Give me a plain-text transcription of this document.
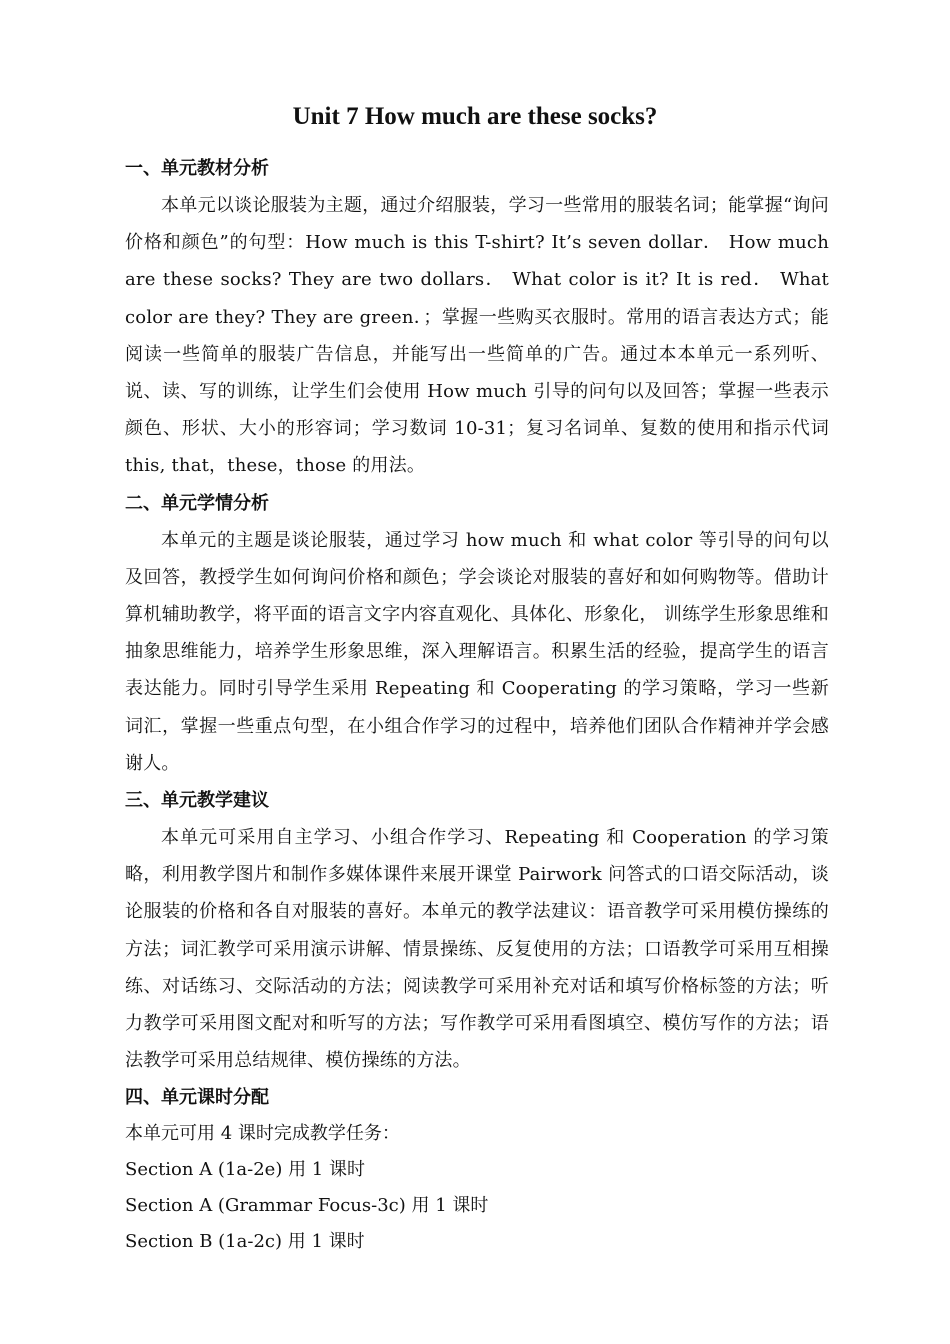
Unit 7 How much are these socks?
一、单元教材分析
本单元以谈论服装为主题，通过介绍服装，学习一些常用的服装名词；能掌握“询问价格和颜色”的句型：How much is this T-shirt? It’s seven dollar． How much are these socks? They are two dollars． What color is it? It is red． What color are they? They are green．；掌握一些购买衣服时。常用的语言表达方式；能阅读一些简单的服装广告信息，并能写出一些简单的广告。通过本本单元一系列听、说、读、写的训练，让学生们会使用 How much 引导的问句以及回答；掌握一些表示颜色、形状、大小的形容词；学习数词 10-31；复习名词单、复数的使用和指示代词 this, that，these，those 的用法。
二、单元学情分析
本单元的主题是谈论服装，通过学习 how much 和 what color 等引导的问句以及回答，教授学生如何询问价格和颜色；学会谈论对服装的喜好和如何购物等。借助计算机辅助教学，将平面的语言文字内容直观化、具体化、形象化， 训练学生形象思维和抽象思维能力，培养学生形象思维，深入理解语言。积累生活的经验，提高学生的语言表达能力。同时引导学生采用 Repeating 和 Cooperating 的学习策略，学习一些新词汇，掌握一些重点句型，在小组合作学习的过程中，培养他们团队合作精神并学会感谢人。
三、单元教学建议
本单元可采用自主学习、小组合作学习、Repeating 和 Cooperation 的学习策略，利用教学图片和制作多媒体课件来展开课堂 Pairwork 问答式的口语交际活动，谈论服装的价格和各自对服装的喜好。本单元的教学法建议：语音教学可采用模仿操练的方法；词汇教学可采用演示讲解、情景操练、反复使用的方法；口语教学可采用互相操练、对话练习、交际活动的方法；阅读教学可采用补充对话和填写价格标签的方法；听力教学可采用图文配对和听写的方法；写作教学可采用看图填空、模仿写作的方法；语法教学可采用总结规律、模仿操练的方法。
四、单元课时分配
本单元可用 4 课时完成教学任务：
Section A (1a-2e) 用 1 课时
Section A (Grammar Focus-3c) 用 1 课时
Section B (1a-2c) 用 1 课时
